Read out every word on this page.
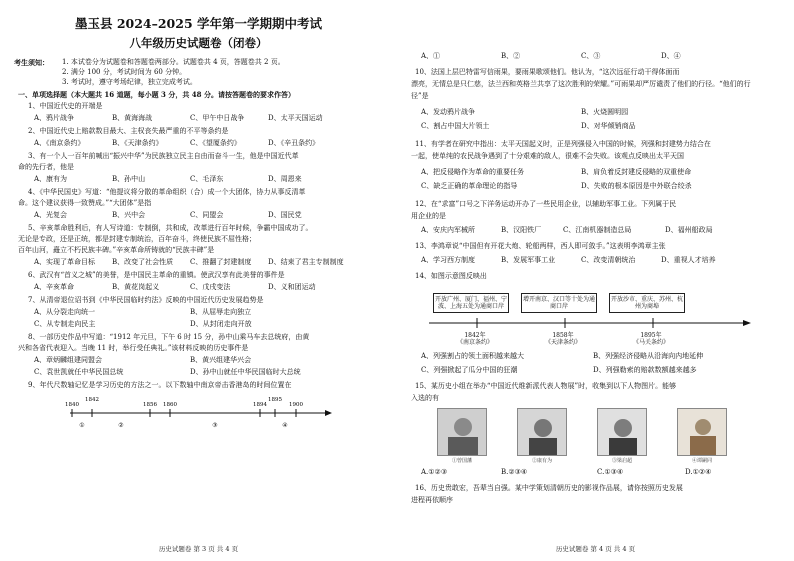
墨玉县 2024–2025 学年第一学期期中考试
八年级历史试题卷（闭卷）
考生须知： 1. 本试卷分为试题卷和答题卷两部分。试题卷共 4 页，答题卷共 2 页。
2. 满分 100 分，考试时间为 60 分钟。
3. 考试时，遵守考场纪律，独立完成考试。
一、单项选择题（本大题共 16 道题，每小题 3 分，共 48 分。请按答题卷的要求作答）
1、中国近代史的开端是
A、鸦片战争	B、黄海海战	C、甲午中日战争	D、太平天国运动
2、中国近代史上赔款数目最大、主权丧失最严重的不平等条约是
A、《南京条约》	B、《天津条约》	C、《望厦条约》	D、《辛丑条约》
3、有一个人一百年前喊出“振兴中华”为民族独立民主自由而奋斗一生，他是中国近代革
命的先行者，他是
A、康有为	B、孙中山	C、毛泽东	D、周恩来
4、《中华民国史》写道：“他提议将分散的革命组织（合）成一个大团体，协力从事反清革
命。这个建议获得一致赞成。”“大团体”是指
A、光复会	B、兴中会	C、同盟会	D、国民党
5、辛亥革命胜利后，有人写诗道：专制倒，共和成，改革进行百年时候，争霸中国成功了。
无论是专政，还是正统，都是封建专制统治，百年奋斗，终使民族不屈性格；
百年山河，矗立不朽民族丰碑。”辛亥革命所铸就的“民族丰碑”是
A、实现了革命目标 B、改变了社会性质 C、推翻了封建制度 D、结束了君主专制制度
6、武汉有“首义之城”的美誉，是中国民主革命的重镇。使武汉享有此美誉的事件是
A、辛亥革命	B、黄花岗起义	C、戊戌变法	D、义和团运动
7、从清帝退位诏书到《中华民国临时约法》反映的中国近代历史发展趋势是
A、从分裂走向统一	B、从屈辱走向独立
C、从专制走向民主	D、从封闭走向开放
8、一部历史作品中写道：“1912 年元旦，下午 6 时 15 分，孙中山乘马车去总统府，由黄
兴和各省代表迎入。当晚 11 时，举行受任典礼。”该材料反映的历史事件是
A、章炳麟组建同盟会	B、黄兴组建华兴会
C、袁世凯就任中华民国总统	D、孙中山就任中华民国临时大总统
9、年代尺数轴记忆是学习历史的方法之一。以下数轴中南京帝击香港岛的时间位置在
1840
1842
1856 1860	1894
1895
1900
①	②	③	④
历史试题卷 第 3 页 共 4 页
A、①	B、②	C、③	D、④
10、法国上层巴特雷写信雨果，要雨果歌颂他们。他认为，“这次远征行动干得体面而
漂亮，无情总是只仁慈，法兰西和英格兰共享了这次胜利的荣耀。”可雨果却严厉谴责了他们的行径。“他们的行
径”是
A、发动鸦片战争	B、火烧圆明园
C、割占中国大片领土	D、对华倾销商品
11、有学者在研究中指出：太平天国起义时，正是列强侵入中国的时候，列强和封建势力结合在
一起，使单纯的农民战争遇到了十分艰难的敌人，很难不会失败。该观点反映出太平天国
A、把反侵略作为革命的重要任务	B、肩负着反封建反侵略的双重使命
C、缺乏正确的革命理论的指导	D、失败的根本原因是中外联合绞杀
12、在“求富”口号之下洋务运动开办了一些民用企业，以辅助军事工业。下列属于民
用企业的是
A、安庆内军械所	B、汉阳铁厂	C、江南机器制造总局	D、福州船政局
13、李鸿章说“中国但有开花大炮、轮船两样，西人即可敛手。”这表明李鸿章主张
A、学习西方制度	B、发展军事工业	C、改变清朝统治	D、重视人才培养
14、如图示意图反映出
开放广州、厦门、福州、宁波、上海五处为通商口岸
增开南京、汉口等十处为通商口岸
开放沙市、重庆、苏州、杭州为商埠
1842年
《南京条约》
1858年
《天津条约》
1895年
《马关条约》
A、列强割占的领土面积越来越大	B、列强经济侵略从沿海向内地延伸
C、列强掀起了瓜分中国的狂潮	D、列强勒索的赔款数额越来越多
15、某历史小组在举办“中国近代维新派代表人物展”时，收集到以下人物图片。能够
入选的有
①曾国藩	②康有为	③梁启超	④谭嗣同
A.①②③	B.②③④	C.①③④	D.①②④
16、历史贵敢宏，吾辈当自强。某中学策划清朝历史的影视作品展，请你按照历史发展
进程再依顺序
历史试题卷 第 4 页 共 4 页
